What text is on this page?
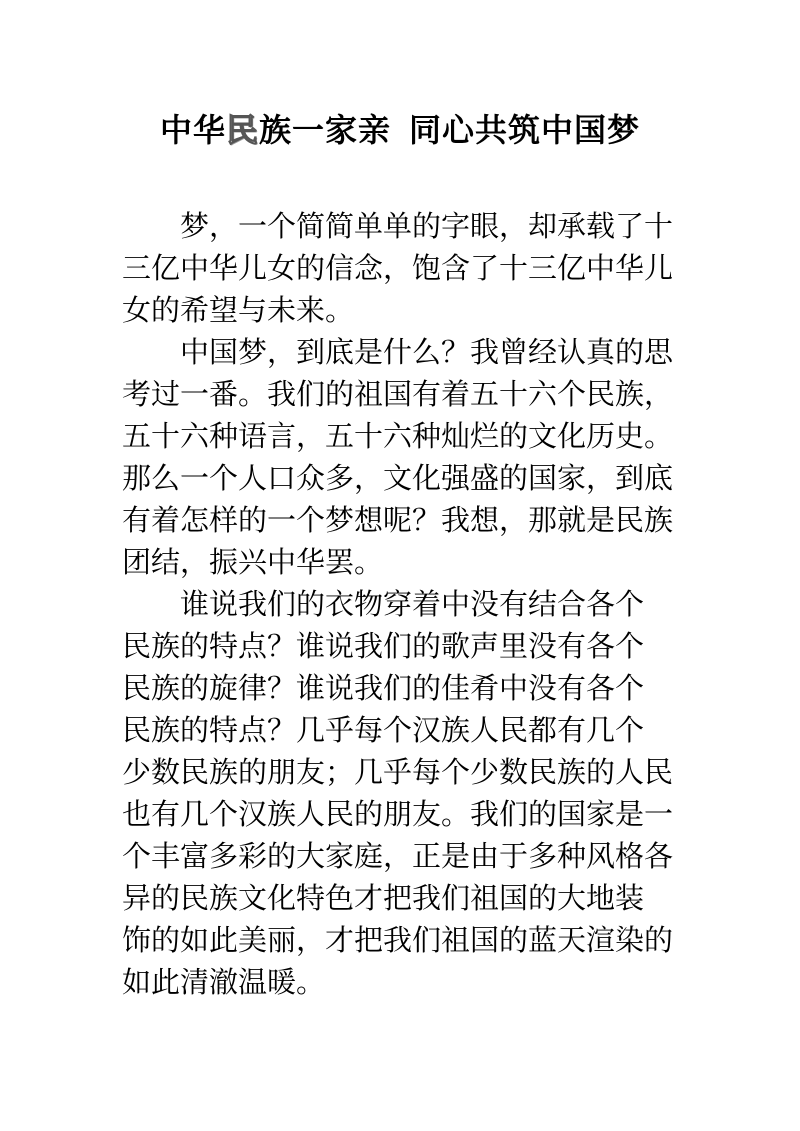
中华民族一家亲 同心共筑中国梦
梦，一个简简单单的字眼，却承载了十
三亿中华儿女的信念，饱含了十三亿中华儿
女的希望与未来。
中国梦，到底是什么？我曾经认真的思
考过一番。我们的祖国有着五十六个民族，
五十六种语言，五十六种灿烂的文化历史。
那么一个人口众多，文化强盛的国家，到底
有着怎样的一个梦想呢？我想，那就是民族
团结，振兴中华罢。
谁说我们的衣物穿着中没有结合各个
民族的特点？谁说我们的歌声里没有各个
民族的旋律？谁说我们的佳肴中没有各个
民族的特点？几乎每个汉族人民都有几个
少数民族的朋友；几乎每个少数民族的人民
也有几个汉族人民的朋友。我们的国家是一
个丰富多彩的大家庭，正是由于多种风格各
异的民族文化特色才把我们祖国的大地装
饰的如此美丽，才把我们祖国的蓝天渲染的
如此清澈温暖。
